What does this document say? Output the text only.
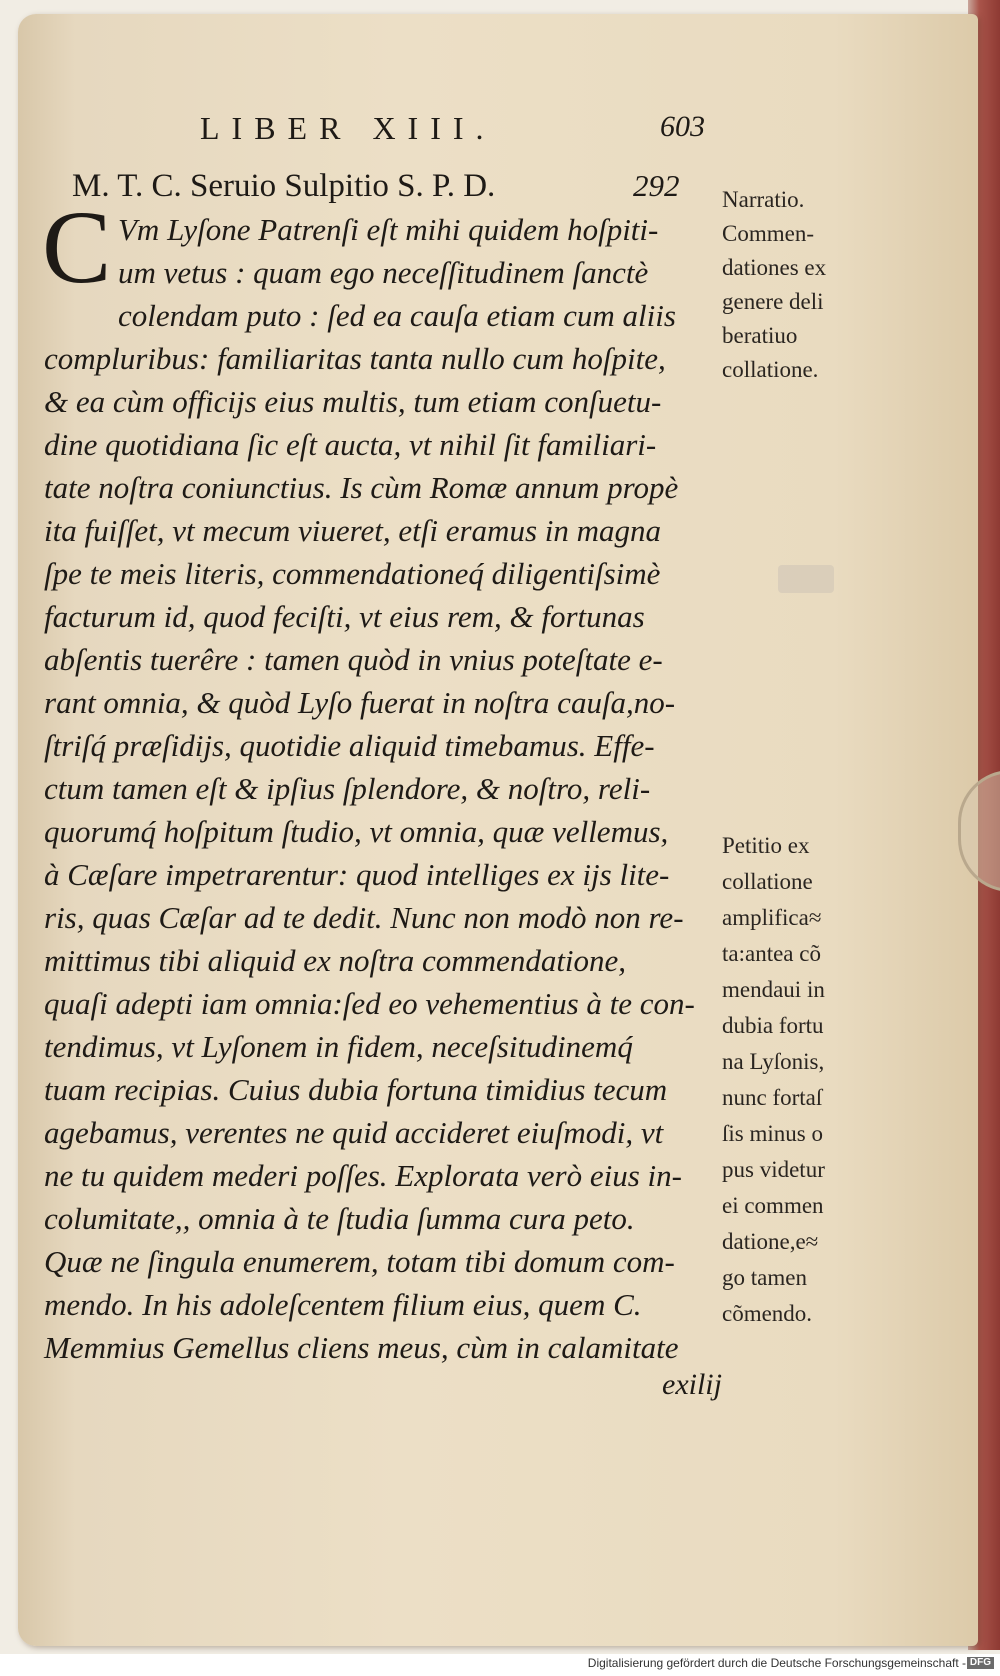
LIBER XIII.	603
M. T. C. Seruio Sulpitio S. P. D.	292
C Vm Lyſone Patrenſi eſt mihi quidem hoſpiti-
um vetus : quam ego neceſſitudinem ſanctè
colendam puto : ſed ea cauſa etiam cum aliis
compluribus: familiaritas tanta nullo cum hoſpite,
& ea cùm officijs eius multis, tum etiam conſuetu-
dine quotidiana ſic eſt aucta, vt nihil ſit familiari-
tate noſtra coniunctius. Is cùm Romæ annum propè
ita fuiſſet, vt mecum viueret, etſi eramus in magna
ſpe te meis literis, commendationeq́ diligentiſsimè
facturum id, quod feciſti, vt eius rem, & fortunas
abſentis tuerêre : tamen quòd in vnius poteſtate e-
rant omnia, & quòd Lyſo fuerat in noſtra cauſa,no-
ſtriſq́ præſidijs, quotidie aliquid timebamus. Effe-
ctum tamen eſt & ipſius ſplendore, & noſtro, reli-
quorumq́ hoſpitum ſtudio, vt omnia, quæ vellemus,
à Cæſare impetrarentur: quod intelliges ex ijs lite-
ris, quas Cæſar ad te dedit. Nunc non modò non re-
mittimus tibi aliquid ex noſtra commendatione,
quaſi adepti iam omnia:ſed eo vehementius à te con-
tendimus, vt Lyſonem in fidem, neceſsitudinemq́
tuam recipias. Cuius dubia fortuna timidius tecum
agebamus, verentes ne quid accideret eiuſmodi, vt
ne tu quidem mederi poſſes. Explorata verò eius in-
columitate,, omnia à te ſtudia ſumma cura peto.
Quæ ne ſingula enumerem, totam tibi domum com-
mendo. In his adoleſcentem filium eius, quem C.
Memmius Gemellus cliens meus, cùm in calamitate
exilij
Narratio.
Commen-
dationes ex
genere deli
beratiuo
collatione.
Petitio ex
collatione
amplifica≈
ta:antea cõ
mendaui in
dubia fortu
na Lyſonis,
nunc fortaſ
ſis minus o
pus videtur
ei commen
datione,e≈
go tamen
cõmendo.
Digitalisierung gefördert durch die Deutsche Forschungsgemeinschaft - DFG
